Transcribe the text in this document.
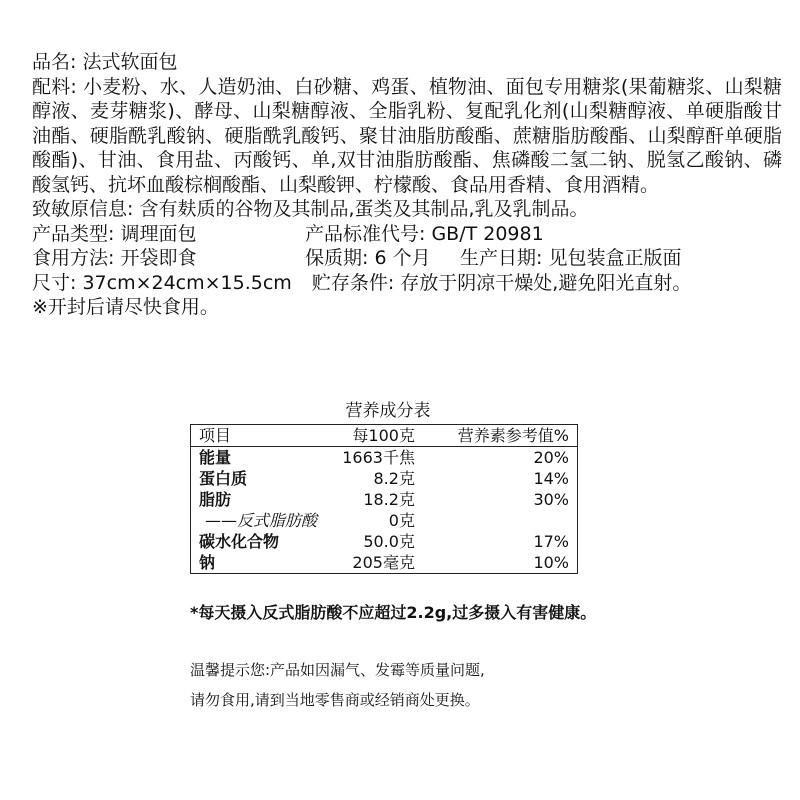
品名: 法式软面包

配料: 小麦粉、水、人造奶油、白砂糖、鸡蛋、植物油、面包专用糖浆(果葡糖浆、山梨糖醇液、麦芽糖浆)、酵母、山梨糖醇液、全脂乳粉、复配乳化剂(山梨糖醇液、单硬脂酸甘油酯、硬脂酰乳酸钠、硬脂酰乳酸钙、聚甘油脂肪酸酯、蔗糖脂肪酸酯、山梨醇酐单硬脂酸酯)、甘油、食用盐、丙酸钙、单,双甘油脂肪酸酯、焦磷酸二氢二钠、脱氢乙酸钠、磷酸氢钙、抗坏血酸棕榈酸酯、山梨酸钾、柠檬酸、食品用香精、食用酒精。

致敏原信息: 含有麸质的谷物及其制品,蛋类及其制品,乳及乳制品。

产品类型: 调理面包	产品标准代号: GB/T 20981
食用方法: 开袋即食	保质期: 6 个月	生产日期: 见包装盒正版面
尺寸: 37cm×24cm×15.5cm 贮存条件: 存放于阴凉干燥处,避免阳光直射。

※开封后请尽快食用。

营养成分表
项目	每100克	营养素参考值%
能量	1663千焦	20%
蛋白质	8.2克	14%
脂肪	18.2克	30%
——反式脂肪酸	0克	
碳水化合物	50.0克	17%
钠	205毫克	10%
*每天摄入反式脂肪酸不应超过2.2g,过多摄入有害健康。

温馨提示您:产品如因漏气、发霉等质量问题,

请勿食用,请到当地零售商或经销商处更换。
